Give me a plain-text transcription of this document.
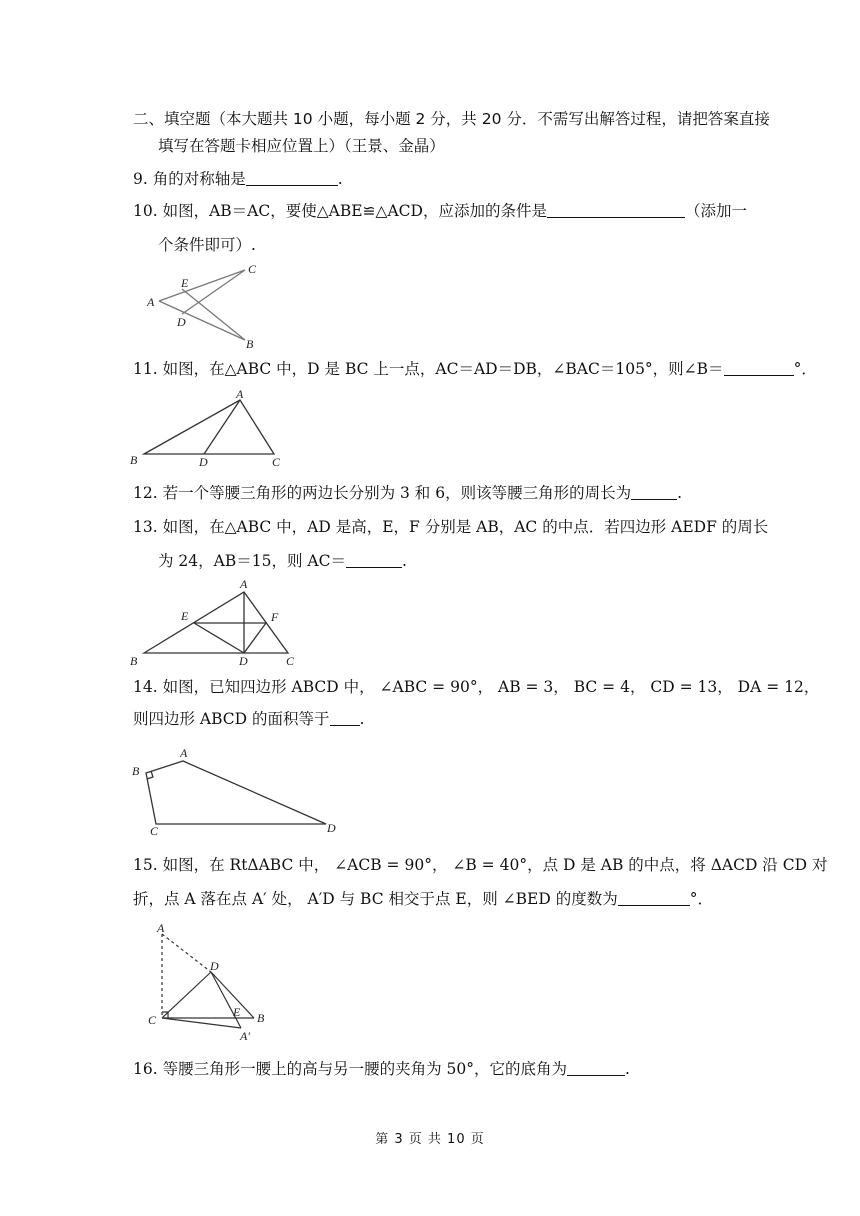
二、填空题（本大题共 10 小题，每小题 2 分，共 20 分．不需写出解答过程，请把答案直接
填写在答题卡相应位置上）（王景、金晶）
9. 角的对称轴是	.
10. 如图，AB＝AC，要使△ABE≌△ACD，应添加的条件是	（添加一
个条件即可）.
A
E
C
D
B
11. 如图，在△ABC 中，D 是 BC 上一点，AC＝AD＝DB，∠BAC＝105°，则∠B＝	°．
A
B	D	C
12. 若一个等腰三角形的两边长分别为 3 和 6，则该等腰三角形的周长为	.
13. 如图，在△ABC 中，AD 是高，E，F 分别是 AB，AC 的中点．若四边形 AEDF 的周长
为 24，AB＝15，则 AC＝	.
A
E	F
B	D	C
14. 如图，已知四边形 ABCD 中， ∠ABC = 90°， AB = 3， BC = 4， CD = 13， DA = 12，
则四边形 ABCD 的面积等于 .
A
B
C	D
15. 如图，在 RtΔABC 中， ∠ACB = 90°， ∠B = 40°，点 D 是 AB 的中点，将 ΔACD 沿 CD 对
折，点 A 落在点 A′ 处， A′D 与 BC 相交于点 E，则 ∠BED 的度数为	°．
A
D
C
E B
A′
16. 等腰三角形一腰上的高与另一腰的夹角为 50°，它的底角为	.
第 3 页 共 10 页
